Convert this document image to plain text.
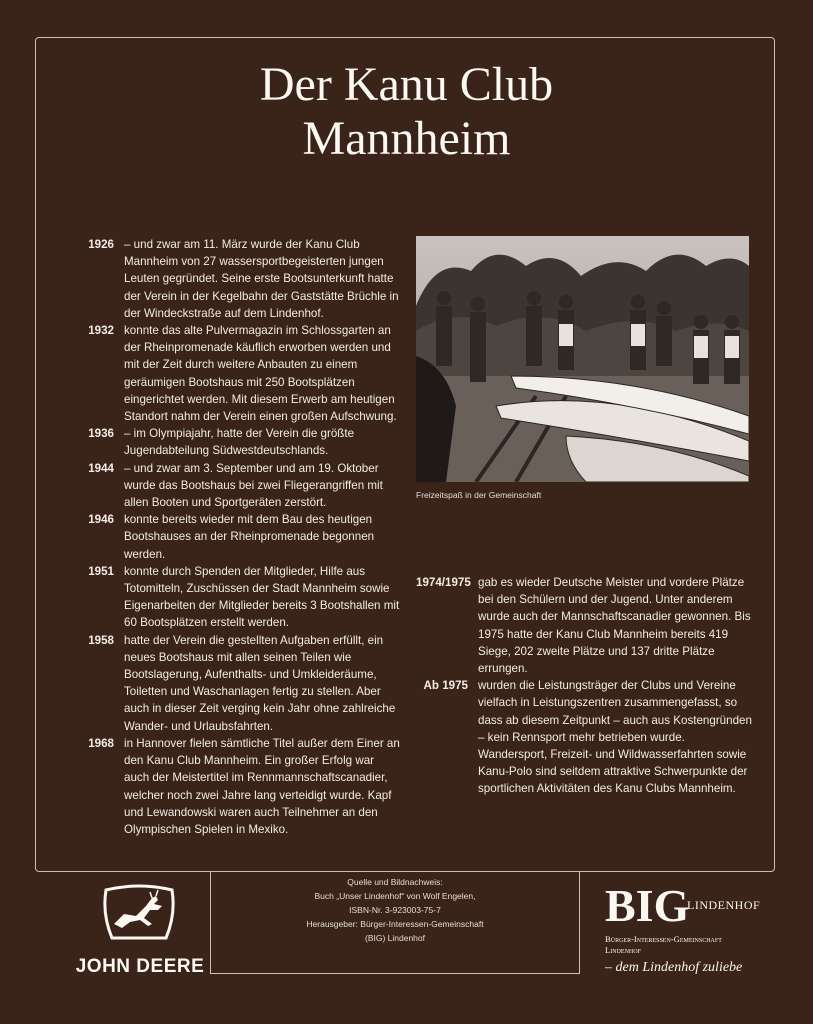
Der Kanu Club
Mannheim
1926 – und zwar am 11. März wurde der Kanu Club Mannheim von 27 wassersportbegeisterten jungen Leuten gegründet. Seine erste Bootsunterkunft hatte der Verein in der Kegelbahn der Gaststätte Brüchle in der Windeckstraße auf dem Lindenhof.
1932 konnte das alte Pulvermagazin im Schlossgarten an der Rheinpromenade käuflich erworben werden und mit der Zeit durch weitere Anbauten zu einem geräumigen Bootshaus mit 250 Bootsplätzen eingerichtet werden. Mit diesem Erwerb am heutigen Standort nahm der Verein einen großen Aufschwung.
1936 – im Olympiajahr, hatte der Verein die größte Jugendabteilung Südwestdeutschlands.
1944 – und zwar am 3. September und am 19. Oktober wurde das Bootshaus bei zwei Fliegerangriffen mit allen Booten und Sportgeräten zerstört.
1946 konnte bereits wieder mit dem Bau des heutigen Bootshauses an der Rheinpromenade begonnen werden.
1951 konnte durch Spenden der Mitglieder, Hilfe aus Totomitteln, Zuschüssen der Stadt Mannheim sowie Eigenarbeiten der Mitglieder bereits 3 Bootshallen mit 60 Bootsplätzen erstellt werden.
1958 hatte der Verein die gestellten Aufgaben erfüllt, ein neues Bootshaus mit allen seinen Teilen wie Bootslagerung, Aufenthalts- und Umkleideräume, Toiletten und Waschanlagen fertig zu stellen. Aber auch in dieser Zeit verging kein Jahr ohne zahlreiche Wander- und Urlaubsfahrten.
1968 in Hannover fielen sämtliche Titel außer dem Einer an den Kanu Club Mannheim. Ein großer Erfolg war auch der Meistertitel im Rennmannschaftscanadier, welcher noch zwei Jahre lang verteidigt wurde. Kapf und Lewandowski waren auch Teilnehmer an den Olympischen Spielen in Mexiko.
Freizeitspaß in der Gemeinschaft
1974/1975 gab es wieder Deutsche Meister und vordere Plätze bei den Schülern und der Jugend. Unter anderem wurde auch der Mannschaftscanadier gewonnen. Bis 1975 hatte der Kanu Club Mannheim bereits 419 Siege, 202 zweite Plätze und 137 dritte Plätze errungen.
Ab 1975 wurden die Leistungsträger der Clubs und Vereine vielfach in Leistungszentren zusammengefasst, so dass ab diesem Zeitpunkt – auch aus Kostengründen – kein Rennsport mehr betrieben wurde. Wandersport, Freizeit- und Wildwasserfahrten sowie Kanu-Polo sind seitdem attraktive Schwerpunkte der sportlichen Aktivitäten des Kanu Clubs Mannheim.
Quelle und Bildnachweis:
Buch „Unser Lindenhof“ von Wolf Engelen,
ISBN-Nr. 3-923003-75-7
Herausgeber: Bürger-Interessen-Gemeinschaft
(BIG) Lindenhof
JOHN DEERE
BIG
LINDENHOF
Bürger-Interessen-Gemeinschaft
Lindenhof
– dem Lindenhof zuliebe
